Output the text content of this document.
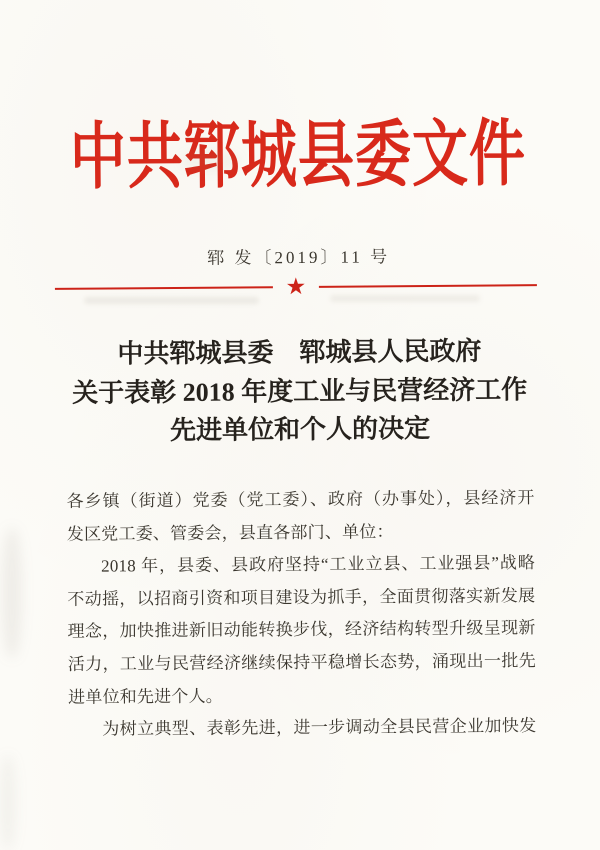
中共郓城县委文件
郓 发〔2019〕11 号
★
中共郓城县委　郓城县人民政府
关于表彰 2018 年度工业与民营经济工作
先进单位和个人的决定
各乡镇（街道）党委（党工委）、政府（办事处），县经济开
发区党工委、管委会，县直各部门、单位：
2018 年，县委、县政府坚持“工业立县、工业强县”战略
不动摇，以招商引资和项目建设为抓手，全面贯彻落实新发展
理念，加快推进新旧动能转换步伐，经济结构转型升级呈现新
活力，工业与民营经济继续保持平稳增长态势，涌现出一批先
进单位和先进个人。
为树立典型、表彰先进，进一步调动全县民营企业加快发
